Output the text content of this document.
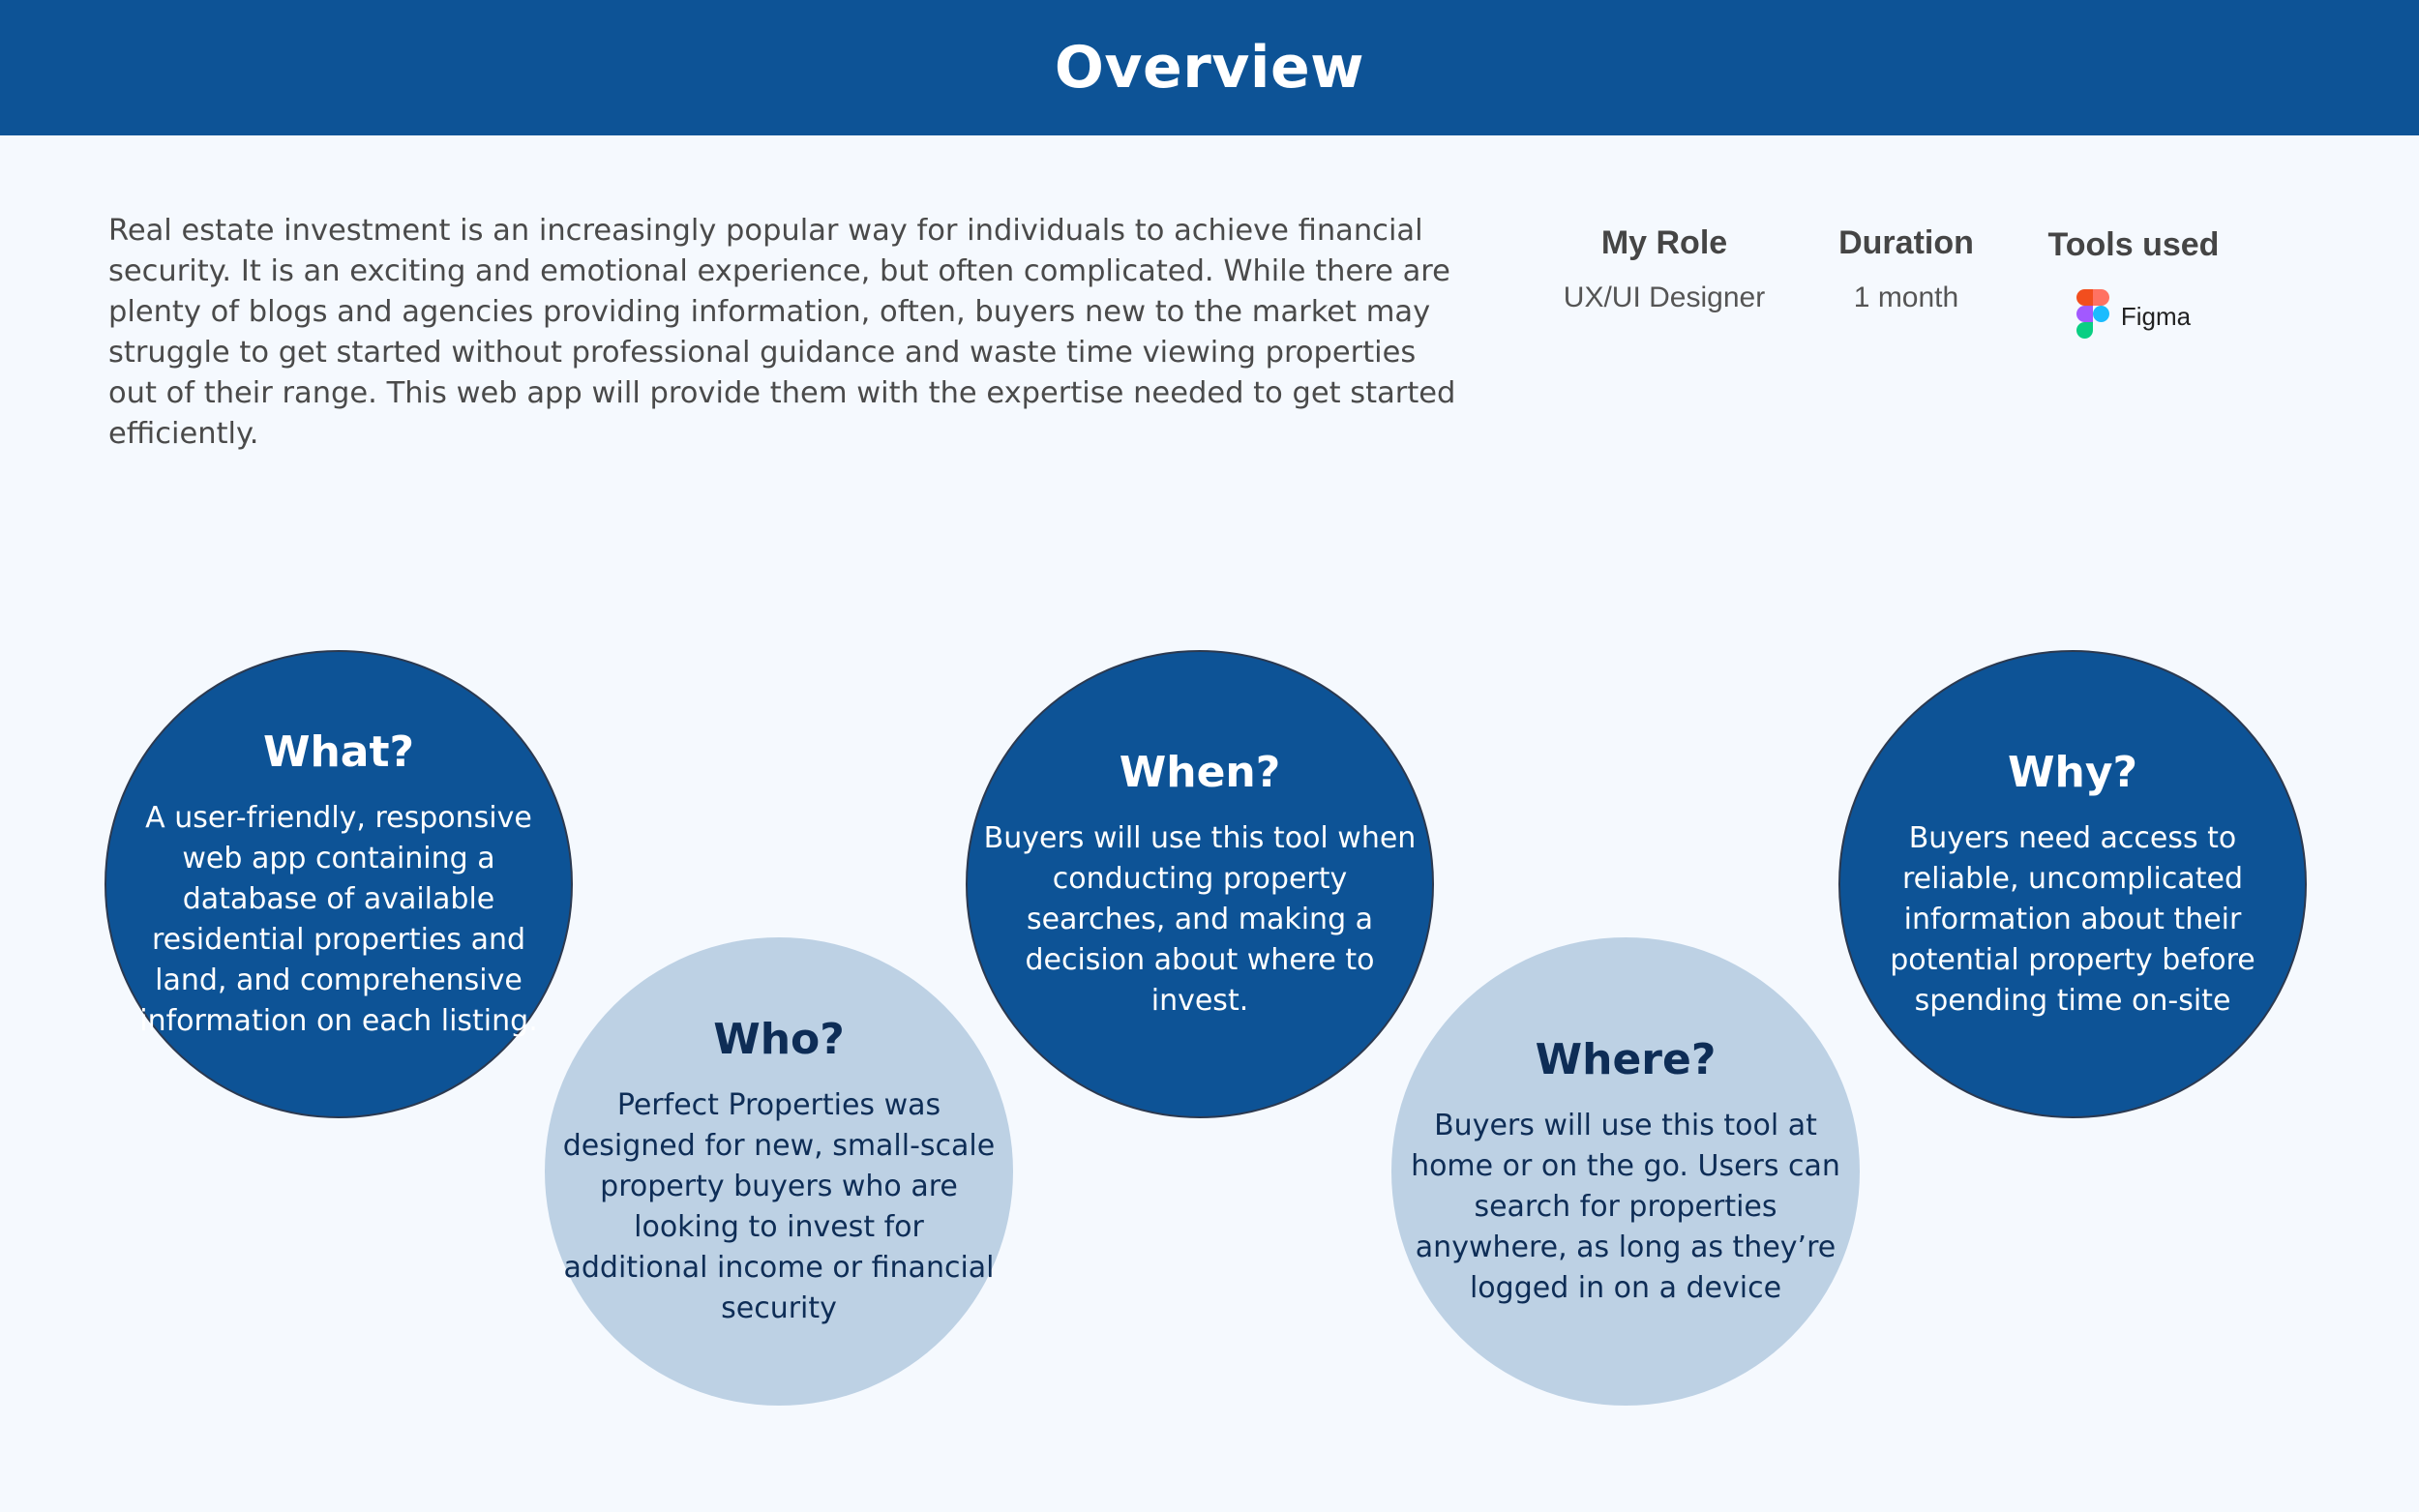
Overview
Real estate investment is an increasingly popular way for individuals to achieve financial security. It is an exciting and emotional experience, but often complicated. While there are plenty of blogs and agencies providing information, often, buyers new to the market may struggle to get started without professional guidance and waste time viewing properties out of their range. This web app will provide them with the expertise needed to get started efficiently.
My Role
UX/UI Designer
Duration
1 month
Tools used
Figma
What?
A user-friendly, responsive web app containing a database of available residential properties and land, and comprehensive information on each listing.	Who?
Perfect Properties was designed for new, small-scale property buyers who are looking to invest for additional income or financial security
When?
Buyers will use this tool when conducting property searches, and making a decision about where to invest.
Where?
Buyers will use this tool at home or on the go. Users can search for properties anywhere, as long as they’re logged in on a device
Why?
Buyers need access to reliable, uncomplicated information about their potential property before spending time on-site
